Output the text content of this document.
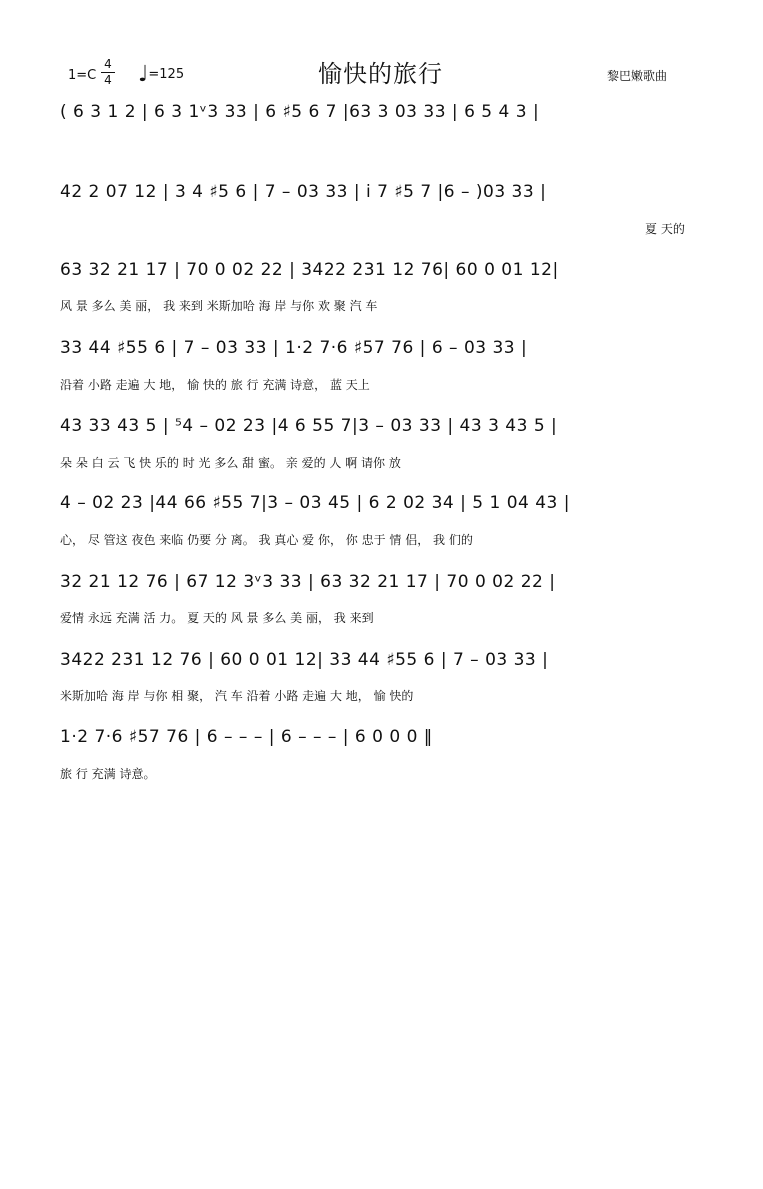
愉快的旅行
1=C
4
4 ♩=125	黎巴嫩歌曲
( 6 3 1 2 | 6 3 1ᵛ3 33 | 6 ♯5 6 7 |63 3 03 33 | 6 5 4 3 |
42 2 07 12 | 3 4 ♯5 6 | 7 – 03 33 | i 7 ♯5 7 |6 – )03 33 |
夏 天的
63 32 21 17 | 70 0 02 22 | 3422 231 12 76| 60 0 01 12|
风 景 多么 美 丽， 我 来到 米斯加哈 海 岸 与你 欢 聚 汽 车
33 44 ♯55 6 | 7 – 03 33 | 1·2 7·6 ♯57 76 | 6 – 03 33 |
沿着 小路 走遍 大 地， 愉 快的 旅 行 充满 诗意， 蓝 天上
43 33 43 5 | ⁵4 – 02 23 |4 6 55 7|3 – 03 33 | 43 3 43 5 |
朵 朵 白 云 飞 快 乐的 时 光 多么 甜 蜜。 亲 爱的 人 啊 请你 放
4 – 02 23 |44 66 ♯55 7|3 – 03 45 | 6 2 02 34 | 5 1 04 43 |
心， 尽 管这 夜色 来临 仍要 分 离。 我 真心 爱 你， 你 忠于 情 侣， 我 们的
32 21 12 76 | 67 12 3ᵛ3 33 | 63 32 21 17 | 70 0 02 22 |
爱情 永远 充满 活 力。 夏 天的 风 景 多么 美 丽， 我 来到
3422 231 12 76 | 60 0 01 12| 33 44 ♯55 6 | 7 – 03 33 |
米斯加哈 海 岸 与你 相 聚， 汽 车 沿着 小路 走遍 大 地， 愉 快的
1·2 7·6 ♯57 76 | 6 – – – | 6 – – – | 6 0 0 0 ‖
旅 行 充满 诗意。
